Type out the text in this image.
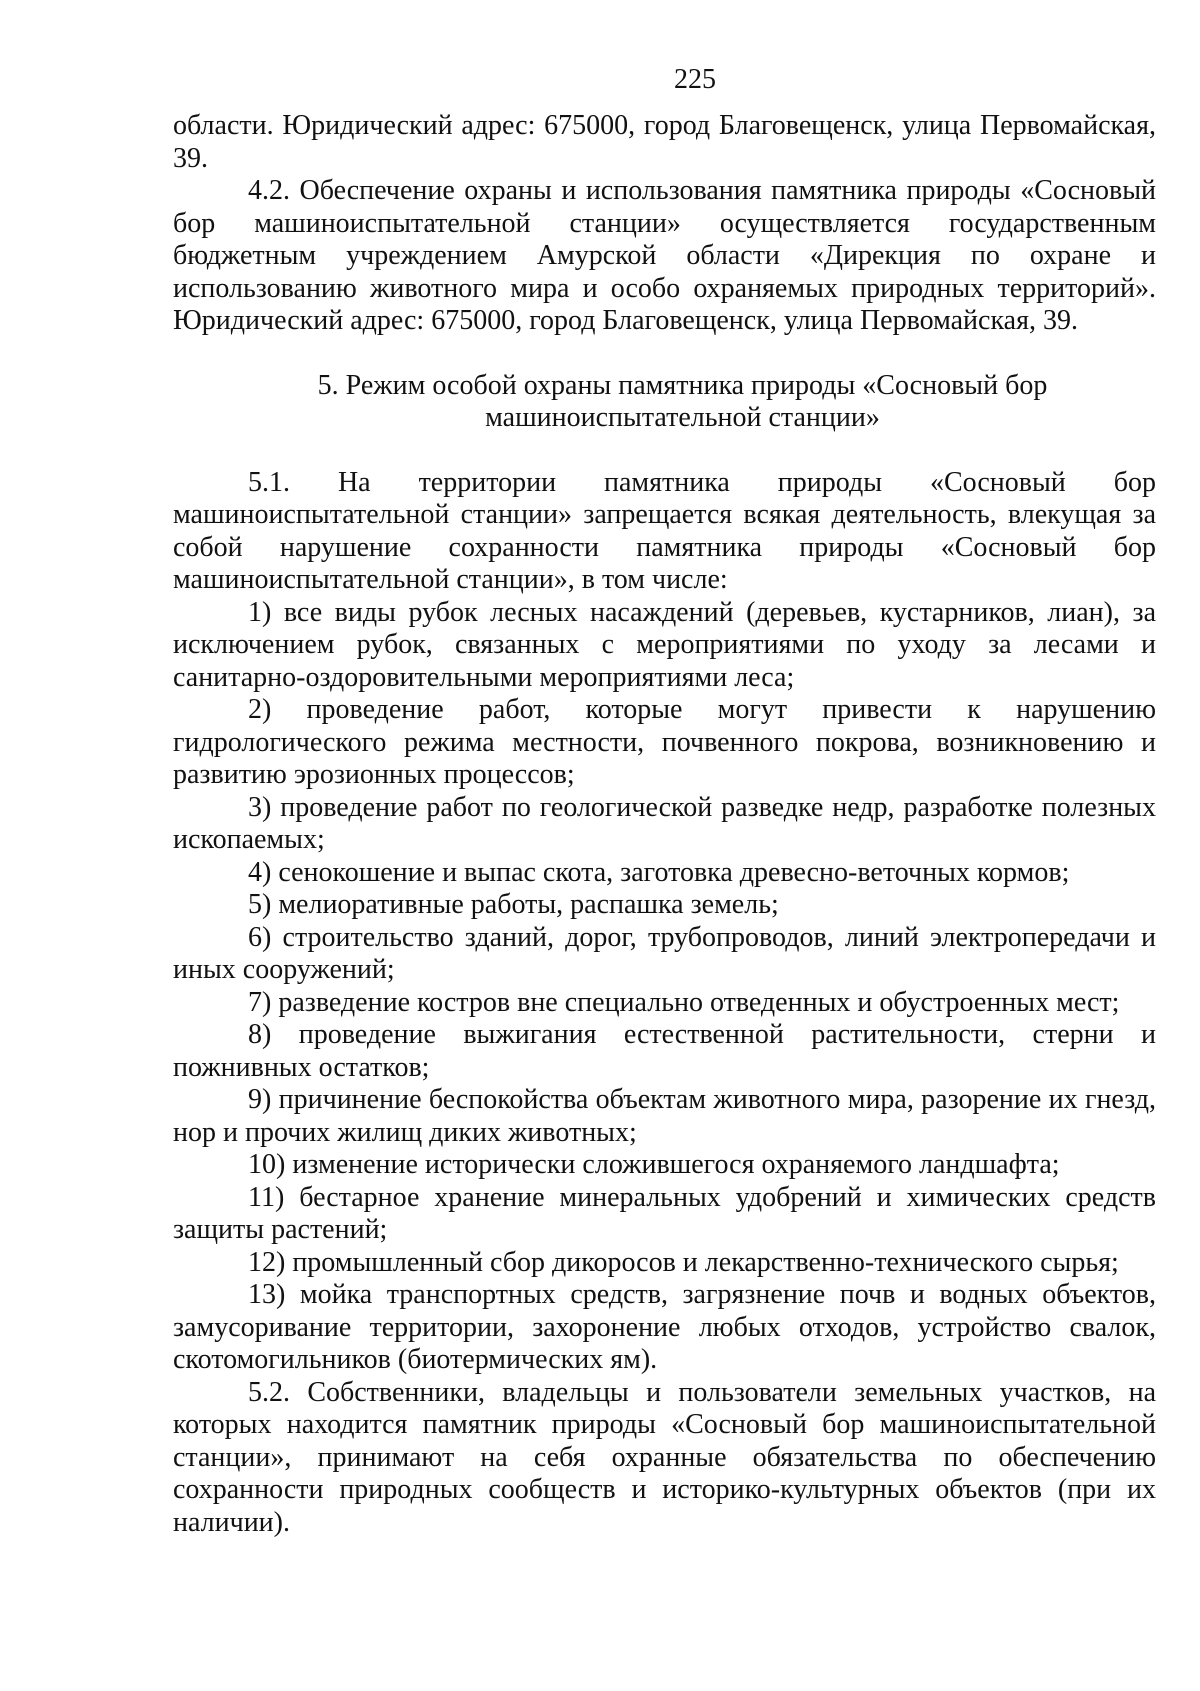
225

области. Юридический адрес: 675000, город Благовещенск, улица Первомайская, 39.

4.2. Обеспечение охраны и использования памятника природы «Сосновый бор машиноиспытательной станции» осуществляется государственным бюджетным учреждением Амурской области «Дирекция по охране и использованию животного мира и особо охраняемых природных территорий». Юридический адрес: 675000, город Благовещенск, улица Первомайская, 39.

5. Режим особой охраны памятника природы «Сосновый бор
машиноиспытательной станции»

5.1. На территории памятника природы «Сосновый бор машиноиспытательной станции» запрещается всякая деятельность, влекущая за собой нарушение сохранности памятника природы «Сосновый бор машиноиспытательной станции», в том числе:

1) все виды рубок лесных насаждений (деревьев, кустарников, лиан), за исключением рубок, связанных с мероприятиями по уходу за лесами и санитарно-оздоровительными мероприятиями леса;

2) проведение работ, которые могут привести к нарушению гидрологического режима местности, почвенного покрова, возникновению и развитию эрозионных процессов;

3) проведение работ по геологической разведке недр, разработке полезных ископаемых;

4) сенокошение и выпас скота, заготовка древесно-веточных кормов;

5) мелиоративные работы, распашка земель;

6) строительство зданий, дорог, трубопроводов, линий электропередачи и иных сооружений;

7) разведение костров вне специально отведенных и обустроенных мест;

8) проведение выжигания естественной растительности, стерни и пожнивных остатков;

9) причинение беспокойства объектам животного мира, разорение их гнезд, нор и прочих жилищ диких животных;

10) изменение исторически сложившегося охраняемого ландшафта;

11) бестарное хранение минеральных удобрений и химических средств защиты растений;

12) промышленный сбор дикоросов и лекарственно-технического сырья;

13) мойка транспортных средств, загрязнение почв и водных объектов, замусоривание территории, захоронение любых отходов, устройство свалок, скотомогильников (биотермических ям).

5.2. Собственники, владельцы и пользователи земельных участков, на которых находится памятник природы «Сосновый бор машиноиспытательной станции», принимают на себя охранные обязательства по обеспечению сохранности природных сообществ и историко-культурных объектов (при их наличии).
